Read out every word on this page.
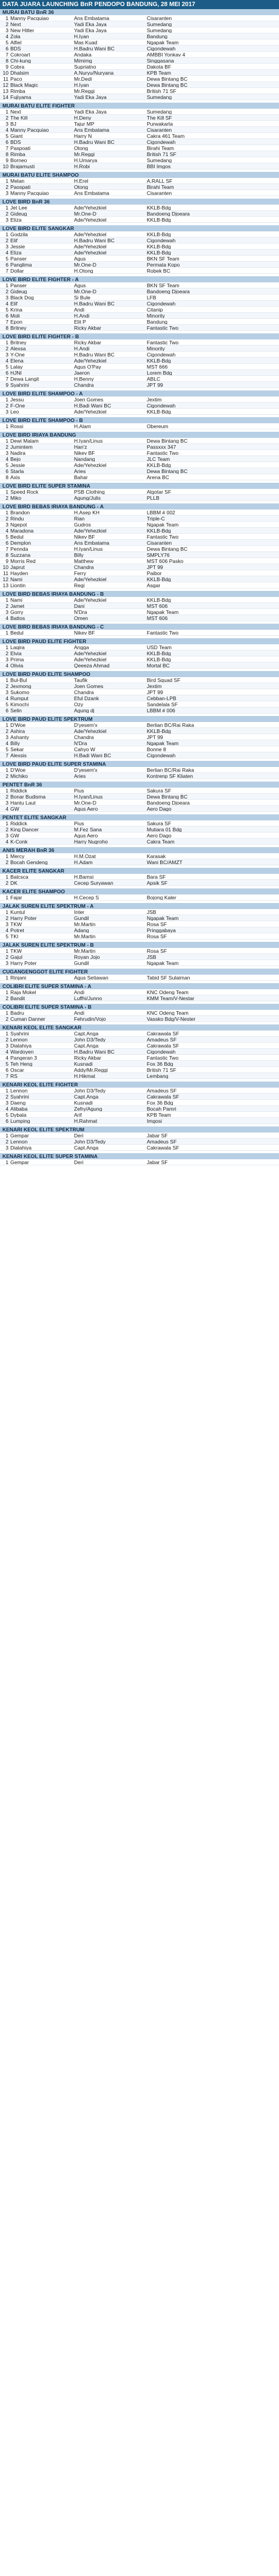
DATA JUARA LAUNCHING BnR PENDOPO BANDUNG, 28 MEI 2017
MURAI BATU BnR 36
1 Manny Pacquiao	Ans Embatama	Cisaranten
2 Next	Yadi Eka Jaya	Sumedang
3 New Hitler	Yadi Eka Jaya	Sumedang
4 Zola	H.Iyan	Bandung
5 Alfiel	Mas Kuad	Ngapak Team
6 BDS	H.Badru Wani BC	Cigondewah
7 Cokroart	Andaka	AMBBI Yonkav 4
8 Chi-kung	Mimimg	Singgasana
9 Cobra	Supriatno	Dakota BF
10 Dhalsim	A.Nuryu/Nuryana	KPB Team
11 Paco	Mr.Dedi	Dewa Bintang BC
12 Black Magic	H.Iyan	Dewa Bintang BC
13 Rimba	Mr.Reggi	British 71 SF
14 Fujiyama	Yadi Eka Jaya	Sumedang
MURAI BATU ELITE FIGHTER
1 Next	Yadi Eka Jaya	Sumedang
2 The Kill	H.Deny	The Kill SF
3 BJ	Tajur MP	Purwakarta
4 Manny Pacquiao	Ans Embatama	Cisaranten
5 Giant	Harry N	Cakra 461 Team
6 BDS	H.Badru Wani BC	Cigondewah
7 Paspoati	Otong	Birahi Team
8 Rimba	Mr.Reggi	British 71 SF
9 Borneo	H.Umarya	Sumedang
10 Brajamusti	H.Robi	BBI Imgos
MURAI BATU ELITE SHAMPOO
1 Melan	H.Erel	A.RALL SF
2 Paospati	Otong	Birahi Team
3 Manny Pacquiao	Ans Embatama	Cisaranten
LOVE BIRD BnR 36
1 Jet Lee	Ade/Yehezkiel	KKLB-Bdg
2 Gideug	Mr.One-D	Bandoeng Djoeara
3 Eliza	Ade/Yehezkiel	KKLB-Bdg
LOVE BIRD ELITE SANGKAR
1 Godzila	Ade/Yehezkiel	KKLB-Bdg
2 Elif	H.Badru Wani BC	Cigondewah
3 Jessie	Ade/Yehezkiel	KKLB-Bdg
4 Eliza	Ade/Yehezkiel	KKLB-Bdg
5 Panser	Agus	BKN SF Team
6 Panglima	Mr.One-D	Permata Kopo
7 Dollar	H.Otong	Robek BC
LOVE BIRD ELITE FIGHTER - A
1 Panser	Agus	BKN SF Team
2 Gideug	Mr.One-D	Bandoeng Djoeara
3 Black Dog	Si Bule	LFB
4 Elif	H.Badru Wani BC	Cigondewah
5 Krina	Andi	Citanip
6 Moli	H.Andi	Minority
7 Epon	Elit P	Bandung
8 Britney	Ricky Akbar	Fantastic Two
LOVE BIRD ELITE FIGHTER - B
1 Britney	Ricky Akbar	Fantastic Two
2 Alexsa	H.Andi	Minority
3 Y-One	H.Badru Wani BC	Cigondewah
4 Elena	Ade/Yehezkiel	KKLB-Bdg
5 Lalay	Agus O'Pay	MST 666
6 HJNI	Jaeron	Lorem Bdg
7 Dewa Langit	H.Benny	ABLC
9 Syahrini	Chandra	JPT 99
LOVE BIRD ELITE SHAMPOO - A
1 Jessu	Joen Gomes	Jextim
2 F-One	H.Badi Wani BC	Cigondewah
3 Leo	Ade/Yehezkiel	KKLB-Bdg
LOVE BIRD ELITE SHAMPOO - B
1 Rossi	H.Alam	Obereum
LOVE BIRD IRIAYA BANDUNG
1 Dewi Malam	H.Iyan/Linus	Dewa Bintang BC
2 Jumintem	Han'z	Passxxx 347
3 Nadira	Nikev BF	Fantastic Two
4 Bejo	Nandang	JLC Team
5 Jessie	Ade/Yehezkiel	KKLB-Bdg
6 Starla	Aries	Dewa Bintang BC
8 Axis	Bahar	Arena BC
LOVE BIRD ELITE SUPER STAMINA
1 Speed Rock	PSB Clothing	Algotar SF
2 Miko	Agung/Julis	PLLB
LOVE BIRD BEBAS IRIAYA BANDUNG - A
1 Brandon	H.Asep KH	LBBM # 002
2 Rindu	Rian	Triple-C
3 Ngepot	Gudros	Ngapak Team
4 Maradona	Ade/Yehezkiel	KKLB-Bdg
5 Bedul	Nikev BF	Fantastic Two
6 Demplon	Ans Embatama	Cisaranten
7 Pennda	H.Iyan/Linus	Dewa Bintang BC
8 Suzzana	Billy	SMPLY76
9 Morris Red	Matthew	MST 606 Pasko
10 Japrut	Chandra	JPT 99
11 Hayden	Ferry	Paibor
12 Nami	Ade/Yehezkiel	KKLB-Bdg
13 Liontin	Regi	Asgar
LOVE BIRD BEBAS IRIAYA BANDUNG - B
1 Nami	Ade/Yehezkiel	KKLB-Bdg
2 Jamet	Dani	MST 606
3 Gorry	N'Dra	Ngapak Team
4 Battos	Omen	MST 606
LOVE BIRD BEBAS IRIAYA BANDUNG - C
1 Bedul	Nikev BF	Fantastic Two
LOVE BIRD PAUD ELITE FIGHTER
1 Laqira	Angga	USD Team
2 Elvia	Ade/Yehezkiel	KKLB-Bdg
3 Prima	Ade/Yehezkiel	KKLB-Bdg
4 Olivia	Qeeeza Ahmad	Mortal BC
LOVE BIRD PAUD ELITE SHAMPOO
1 Bul-Bul	Taufik	Bird Squad SF
2 Jexmong	Joen Gomes	Jextim
3 Sukomo	Chandra	JPT 99
4 Rumput	Eful Dzank	Cebban-LPB
5 Kimochi	Ozy	Sandelala SF
6 Selin	Agung dj	LBBM # 006
LOVE BIRD PAUD ELITE SPEKTRUM
1 D'Woe	D'yesem'x	Berlian BC/Rai Raka
2 Ashira	Ade/Yehezkiel	KKLB-Bdg
3 Ashanty	Chandra	JPT 99
4 Billy	N'Dra	Ngapak Team
5 Sekar	Cahyo W	Bonne 8
7 Alexsis	H.Badi Wani BC	Cigondewah
LOVE BIRD PAUD ELITE SUPER STAMINA
1 D'Woe	D'yesem'x	Berlian BC/Rai Raka
2 Michiko	Aries	Kontrenp SF Kliaten
PENTET BnR 36
1 Riddick	Pius	Sakura SF
2 Bonar Budisma	H.Iyan/Linus	Dewa Bintang BC
3 Hantu Laut	Mr.One-D	Bandoeng Djoeara
4 GW	Agus Aero	Aero Dago
PENTET ELITE SANGKAR
1 Riddick	Pius	Sakura SF
2 King Dancer	M.Fez Sana	Mutiara 01 Bdg
3 GW	Agus Aero	Aero Dago
4 K-Conk	Harry Nugroho	Cakra Team
ANIS MERAH BnR 36
1 Mercy	H.M.Ozat	Karasak
2 Bocah Gendeng	H.Adam	Wani BC/AMZT
KACER ELITE SANGKAR
1 Balcsca	H.Bamsi	Bara SF
2 DK	Cecep Suryawan	Apsik SF
KACER ELITE SHAMPOO
1 Fajar	H.Cecep S	Bojong Kaler
JALAK SUREN ELITE SPEKTRUM - A
1 Kuntul	Inter	JSB
2 Harry Poter	Gundil	Ngapak Team
3 TKW	Mr.Martin	Rosa SF
4 Potret	Adang	Pringgabaya
5 TKI	Mr.Martin	Rosa SF
JALAK SUREN ELITE SPEKTRUM - B
1 TKW	Mr.Martin	Rosa SF
2 Gajul	Royan Jojo	JSB
3 Harry Poter	Gundil	Ngapak Team
CUGANGENGGOT ELITE FIGHTER
1 Rinjani	Agus Setiawan	Tabid SF Sulaiman
COLIBRI ELITE SUPER STAMINA - A
1 Raja Mokel	Andi	KNC Odeng Team
2 Bandit	Luffhi/Junno	KMM Team/V-Nestar
COLIBRI ELITE SUPER STAMINA - B
1 Badru	Andi	KNC Odeng Team
2 Cuman Danner	Fehrudin/Vojo	Vassko Bdg/V-Nester
KENARI KEOL ELITE SANGKAR
1 Syahrini	Capt.Anga	Cakrawala SF
2 Lennon	John D3/Tedy	Amadeus SF
3 Dialahiya	Capt.Anga	Cakrawala SF
4 Wardoyen	H.Badru Wani BC	Cigondewah
4 Pangeran 3	Ricky Akbar	Fantastic Two
5 Teh Heng	Kusnadi	Fox 36 Bdg
6 Oscar	Addy/Mr.Reggi	British 71 SF
7 RS	H.Hikmat	Lembang
KENARI KEOL ELITE FIGHTER
1 Lennon	John D3/Tedy	Amadeus SF
2 Syahrini	Capt.Anga	Cakrawala SF
3 Daeng	Kusnadi	Fox 36 Bdg
4 Alibaba	Zefry/Agung	Bocah Pamri
5 Dybala	Arif	KPB Team
6 Lumping	H.Rahmat	Imgosi
KENARI KEOL ELITE SPEKTRUM
1 Gempar	Deri	Jabar SF
2 Lennon	John D3/Tedy	Amadeus SF
3 Dialahiya	Capt.Anga	Cakrawala SF
KENARI KEOL ELITE SUPER STAMINA
1 Gempar	Deri	Jabar SF
